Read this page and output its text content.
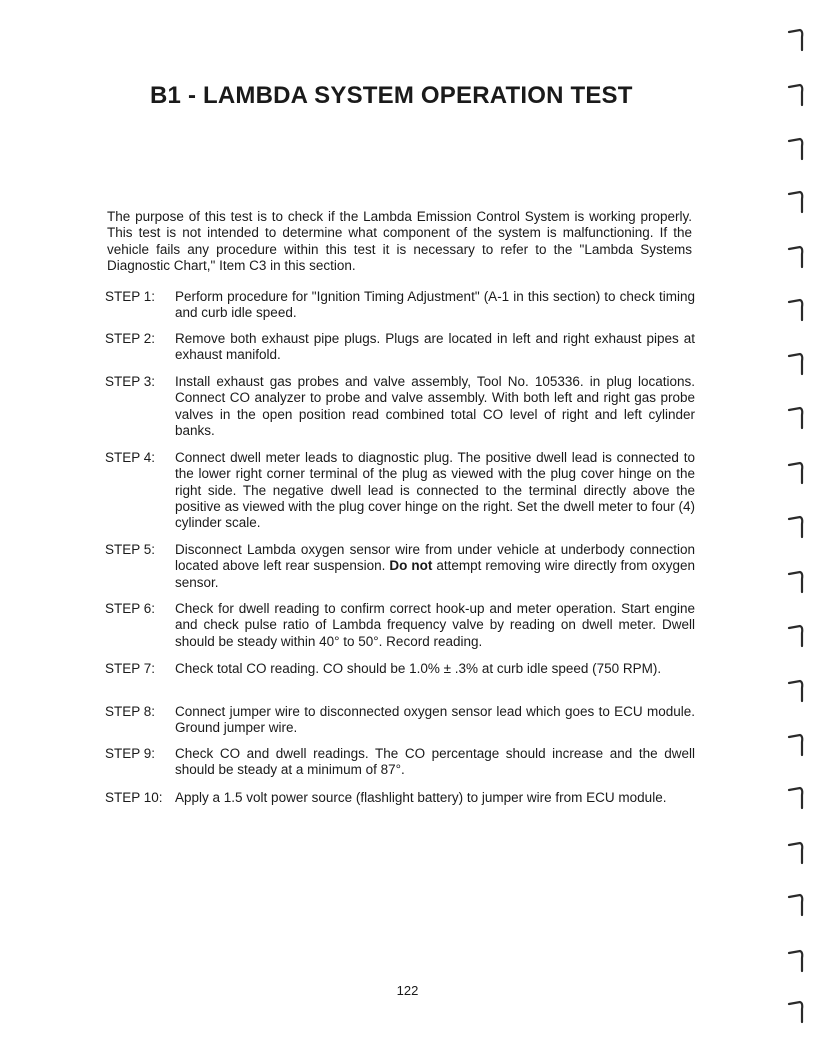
B1 - LAMBDA SYSTEM OPERATION TEST

The purpose of this test is to check if the Lambda Emission Control System is working properly. This test is not intended to determine what component of the system is malfunctioning. If the vehicle fails any procedure within this test it is necessary to refer to the "Lambda Systems Diagnostic Chart," Item C3 in this section.

STEP 1:	Perform procedure for "Ignition Timing Adjustment" (A-1 in this section) to check timing and curb idle speed.
STEP 2:	Remove both exhaust pipe plugs. Plugs are located in left and right exhaust pipes at exhaust manifold.
STEP 3:	Install exhaust gas probes and valve assembly, Tool No. 105336. in plug locations. Connect CO analyzer to probe and valve assembly. With both left and right gas probe valves in the open position read combined total CO level of right and left cylinder banks.
STEP 4:	Connect dwell meter leads to diagnostic plug. The positive dwell lead is connected to the lower right corner terminal of the plug as viewed with the plug cover hinge on the right side. The negative dwell lead is connected to the terminal directly above the positive as viewed with the plug cover hinge on the right. Set the dwell meter to four (4) cylinder scale.
STEP 5:	Disconnect Lambda oxygen sensor wire from under vehicle at underbody connection located above left rear suspension. Do not attempt removing wire directly from oxygen sensor.
STEP 6:	Check for dwell reading to confirm correct hook-up and meter operation. Start engine and check pulse ratio of Lambda frequency valve by reading on dwell meter. Dwell should be steady within 40° to 50°. Record reading.
STEP 7:	Check total CO reading. CO should be 1.0% ± .3% at curb idle speed (750 RPM).
STEP 8:	Connect jumper wire to disconnected oxygen sensor lead which goes to ECU module. Ground jumper wire.
STEP 9:	Check CO and dwell readings. The CO percentage should increase and the dwell should be steady at a minimum of 87°.
STEP 10: Apply a 1.5 volt power source (flashlight battery) to jumper wire from ECU module.
122
